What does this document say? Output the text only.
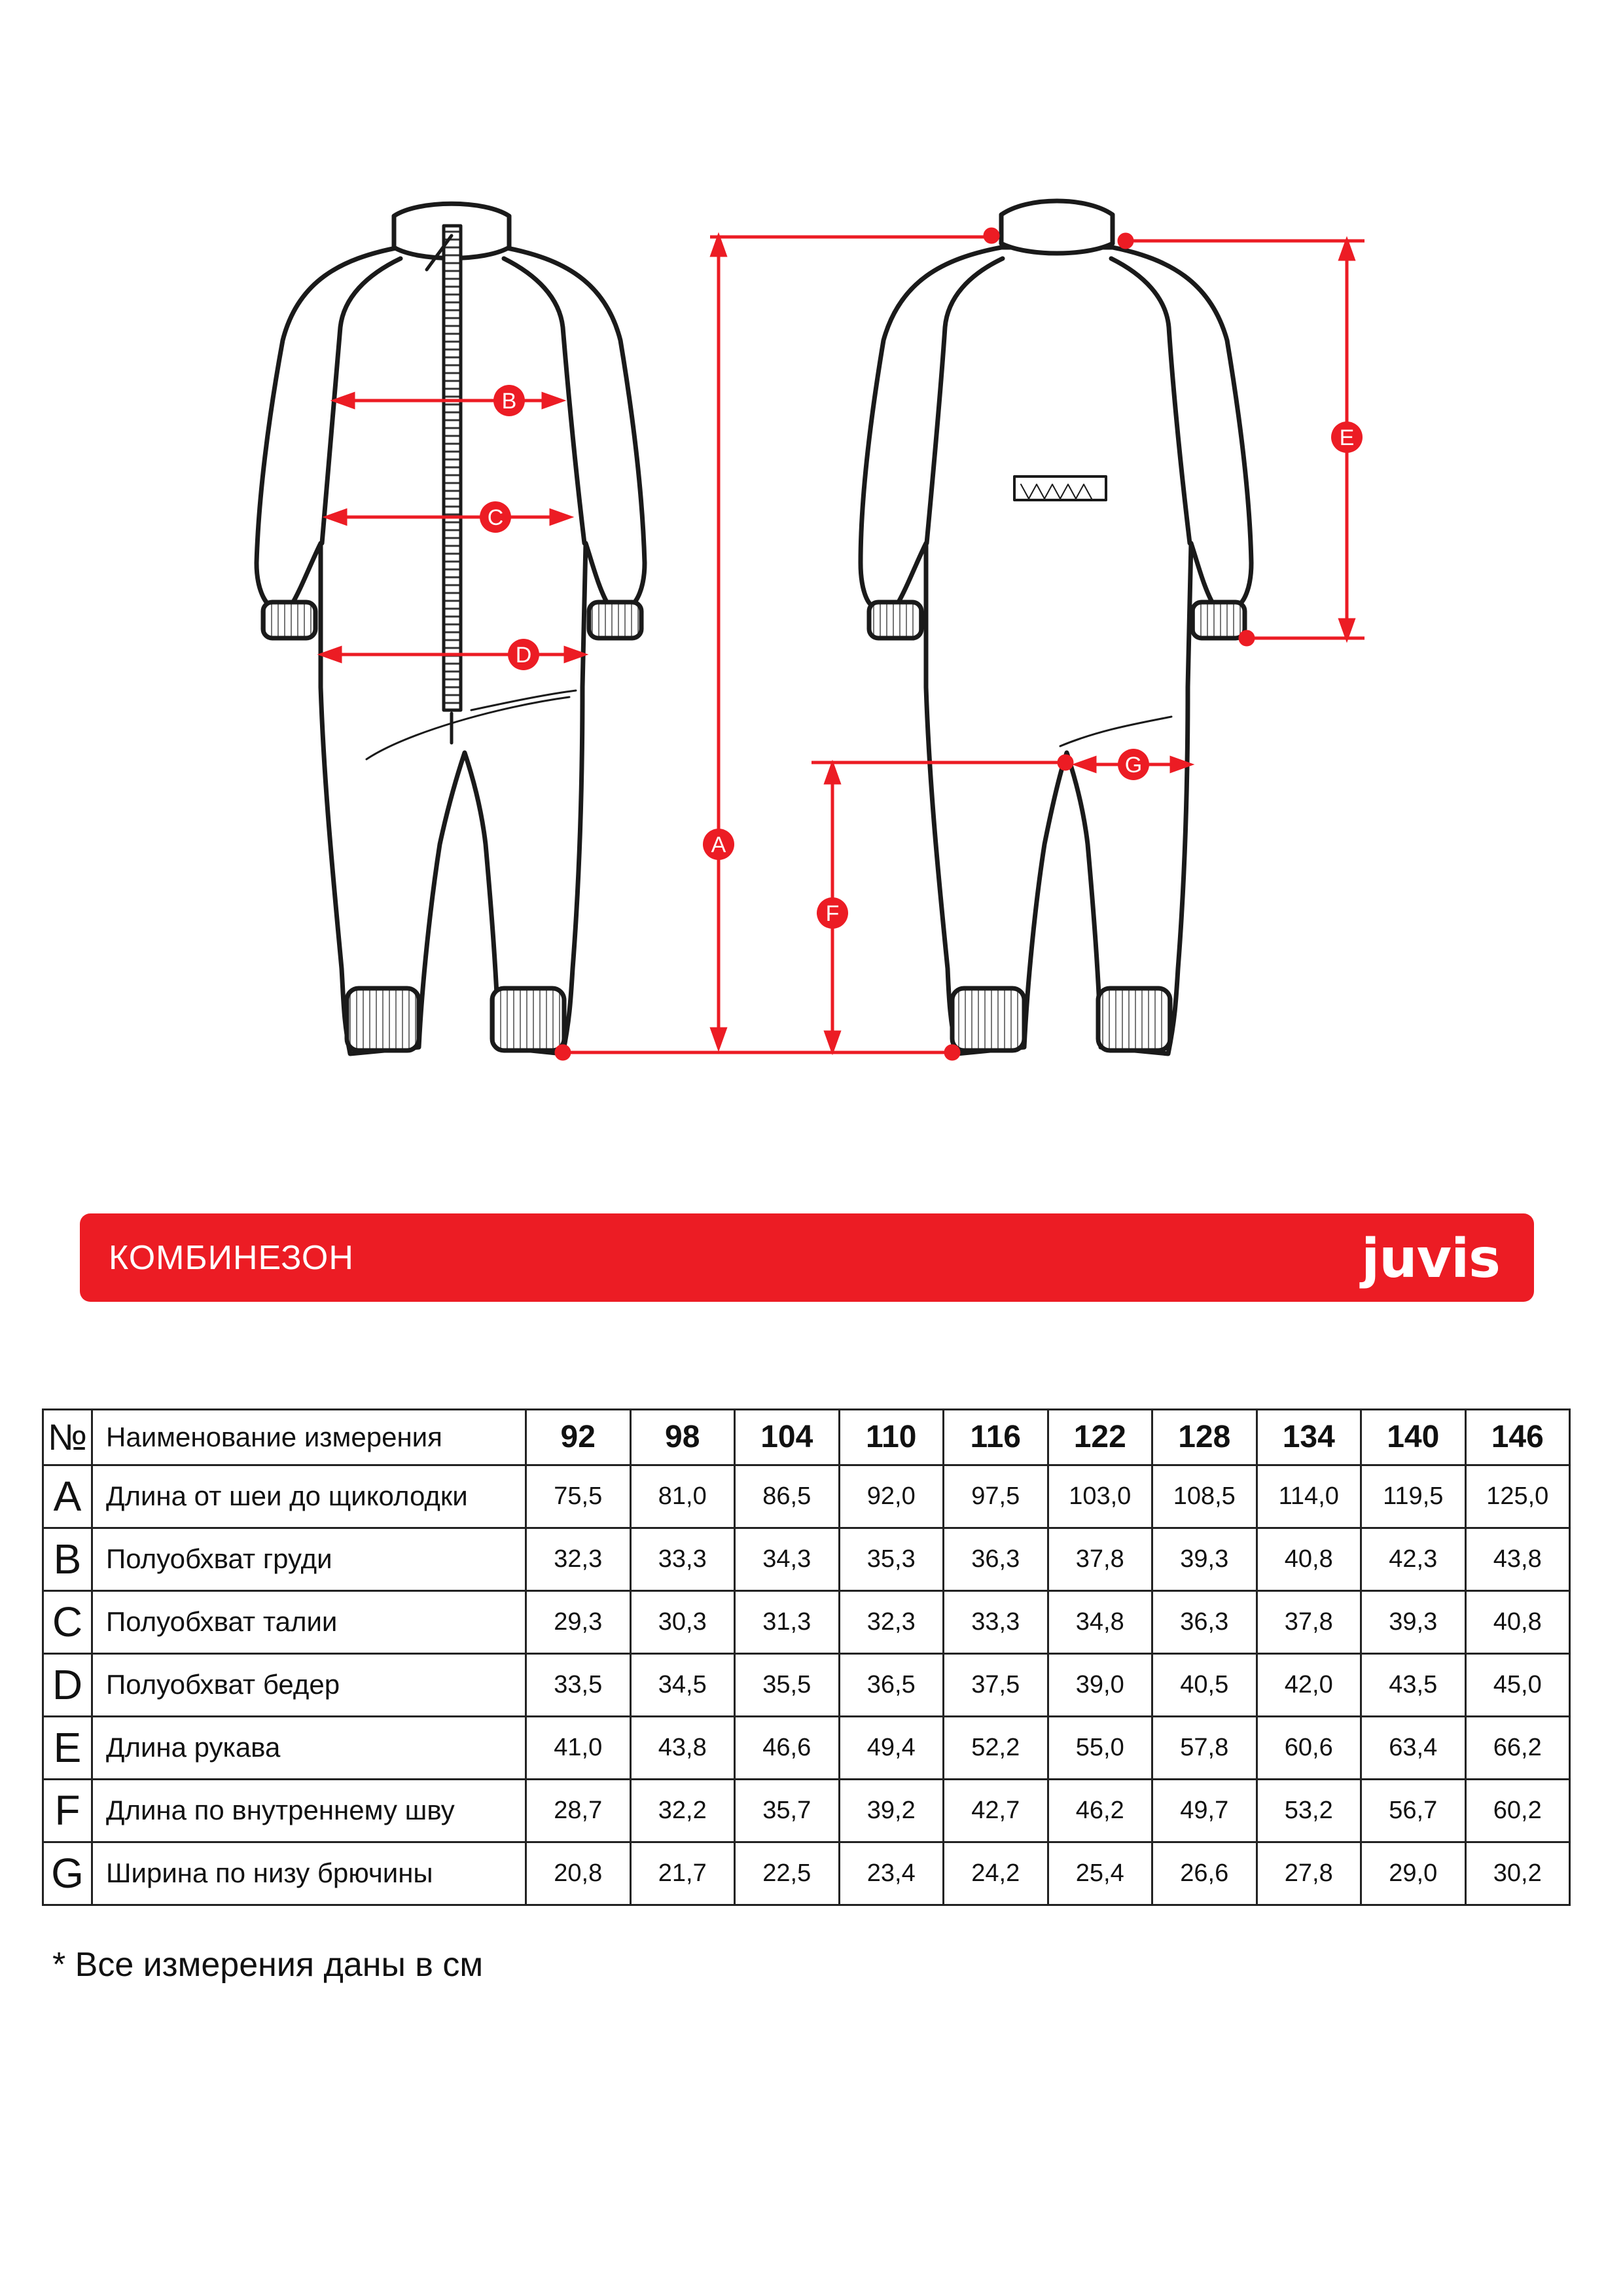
A
B
C
D
E
F
G
КОМБИНЕЗОН	juvis
№	Наименование измерения	92	98	104	110	116	122	128	134	140	146
A	Длина от шеи до щиколодки	75,5	81,0	86,5	92,0	97,5	103,0	108,5	114,0	119,5	125,0
B	Полуобхват груди	32,3	33,3	34,3	35,3	36,3	37,8	39,3	40,8	42,3	43,8
C	Полуобхват талии	29,3	30,3	31,3	32,3	33,3	34,8	36,3	37,8	39,3	40,8
D	Полуобхват бедер	33,5	34,5	35,5	36,5	37,5	39,0	40,5	42,0	43,5	45,0
E	Длина рукава	41,0	43,8	46,6	49,4	52,2	55,0	57,8	60,6	63,4	66,2
F	Длина по внутреннему шву	28,7	32,2	35,7	39,2	42,7	46,2	49,7	53,2	56,7	60,2
G	Ширина по низу брючины	20,8	21,7	22,5	23,4	24,2	25,4	26,6	27,8	29,0	30,2
* Все измерения даны в см
